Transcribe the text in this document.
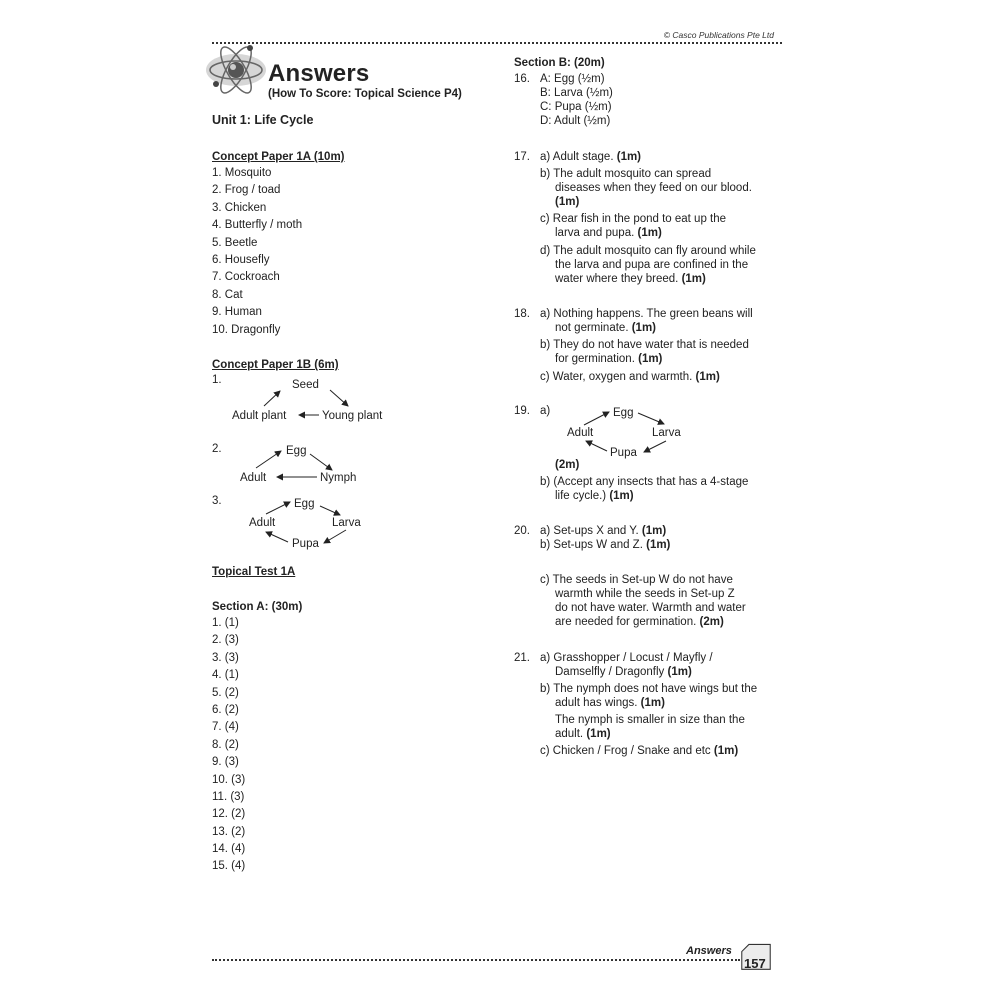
© Casco Publications Pte Ltd
Answers
(How To Score: Topical Science P4)
Unit 1: Life Cycle
Concept Paper 1A (10m)
1. Mosquito
2. Frog / toad
3. Chicken
4. Butterfly / moth
5. Beetle
6. Housefly
7. Cockroach
8. Cat
9. Human
10. Dragonfly
Concept Paper 1B (6m)
1.	Seed
Adult plant	Young plant
2.	Egg
Adult	Nymph
3.	Egg
Adult	Larva
Pupa
Topical Test 1A
Section A: (30m)
1. (1)
2. (3)
3. (3)
4. (1)
5. (2)
6. (2)
7. (4)
8. (2)
9. (3)
10. (3)
11. (3)
12. (2)
13. (2)
14. (4)
15. (4)
Section B: (20m)
16. A: Egg (½m)
B: Larva (½m)
C: Pupa (½m)
D: Adult (½m)
17. a) Adult stage. (1m)
b) The adult mosquito can spread
diseases when they feed on our blood.
(1m)
c) Rear fish in the pond to eat up the
larva and pupa. (1m)
d) The adult mosquito can fly around while
the larva and pupa are confined in the
water where they breed. (1m)
18. a) Nothing happens. The green beans will
not germinate. (1m)
b) They do not have water that is needed
for germination. (1m)
c) Water, oxygen and warmth. (1m)
19. a)	Egg
Adult	Larva
Pupa
(2m)
b) (Accept any insects that has a 4-stage
life cycle.) (1m)
20. a) Set-ups X and Y. (1m)
b) Set-ups W and Z. (1m)
c) The seeds in Set-up W do not have
warmth while the seeds in Set-up Z
do not have water. Warmth and water
are needed for germination. (2m)
21. a) Grasshopper / Locust / Mayfly /
Damselfly / Dragonfly (1m)
b) The nymph does not have wings but the
adult has wings. (1m)
The nymph is smaller in size than the
adult. (1m)
c) Chicken / Frog / Snake and etc (1m)
Answers
157
